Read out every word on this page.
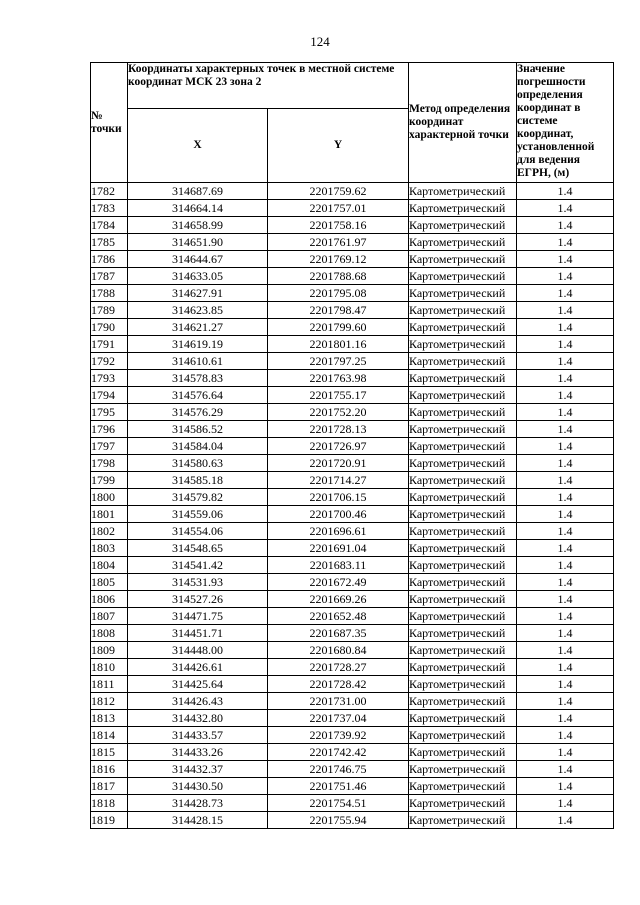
124
№ точки	Координаты характерных точек в местной системе координат МСК 23 зона 2		Метод определения координат характерной точки	Значение погрешности определения координат в системе координат, установленной для ведения ЕГРН, (м)
	X	Y		
1782	314687.69	2201759.62	Картометрический	1.4
1783	314664.14	2201757.01	Картометрический	1.4
1784	314658.99	2201758.16	Картометрический	1.4
1785	314651.90	2201761.97	Картометрический	1.4
1786	314644.67	2201769.12	Картометрический	1.4
1787	314633.05	2201788.68	Картометрический	1.4
1788	314627.91	2201795.08	Картометрический	1.4
1789	314623.85	2201798.47	Картометрический	1.4
1790	314621.27	2201799.60	Картометрический	1.4
1791	314619.19	2201801.16	Картометрический	1.4
1792	314610.61	2201797.25	Картометрический	1.4
1793	314578.83	2201763.98	Картометрический	1.4
1794	314576.64	2201755.17	Картометрический	1.4
1795	314576.29	2201752.20	Картометрический	1.4
1796	314586.52	2201728.13	Картометрический	1.4
1797	314584.04	2201726.97	Картометрический	1.4
1798	314580.63	2201720.91	Картометрический	1.4
1799	314585.18	2201714.27	Картометрический	1.4
1800	314579.82	2201706.15	Картометрический	1.4
1801	314559.06	2201700.46	Картометрический	1.4
1802	314554.06	2201696.61	Картометрический	1.4
1803	314548.65	2201691.04	Картометрический	1.4
1804	314541.42	2201683.11	Картометрический	1.4
1805	314531.93	2201672.49	Картометрический	1.4
1806	314527.26	2201669.26	Картометрический	1.4
1807	314471.75	2201652.48	Картометрический	1.4
1808	314451.71	2201687.35	Картометрический	1.4
1809	314448.00	2201680.84	Картометрический	1.4
1810	314426.61	2201728.27	Картометрический	1.4
1811	314425.64	2201728.42	Картометрический	1.4
1812	314426.43	2201731.00	Картометрический	1.4
1813	314432.80	2201737.04	Картометрический	1.4
1814	314433.57	2201739.92	Картометрический	1.4
1815	314433.26	2201742.42	Картометрический	1.4
1816	314432.37	2201746.75	Картометрический	1.4
1817	314430.50	2201751.46	Картометрический	1.4
1818	314428.73	2201754.51	Картометрический	1.4
1819	314428.15	2201755.94	Картометрический	1.4
